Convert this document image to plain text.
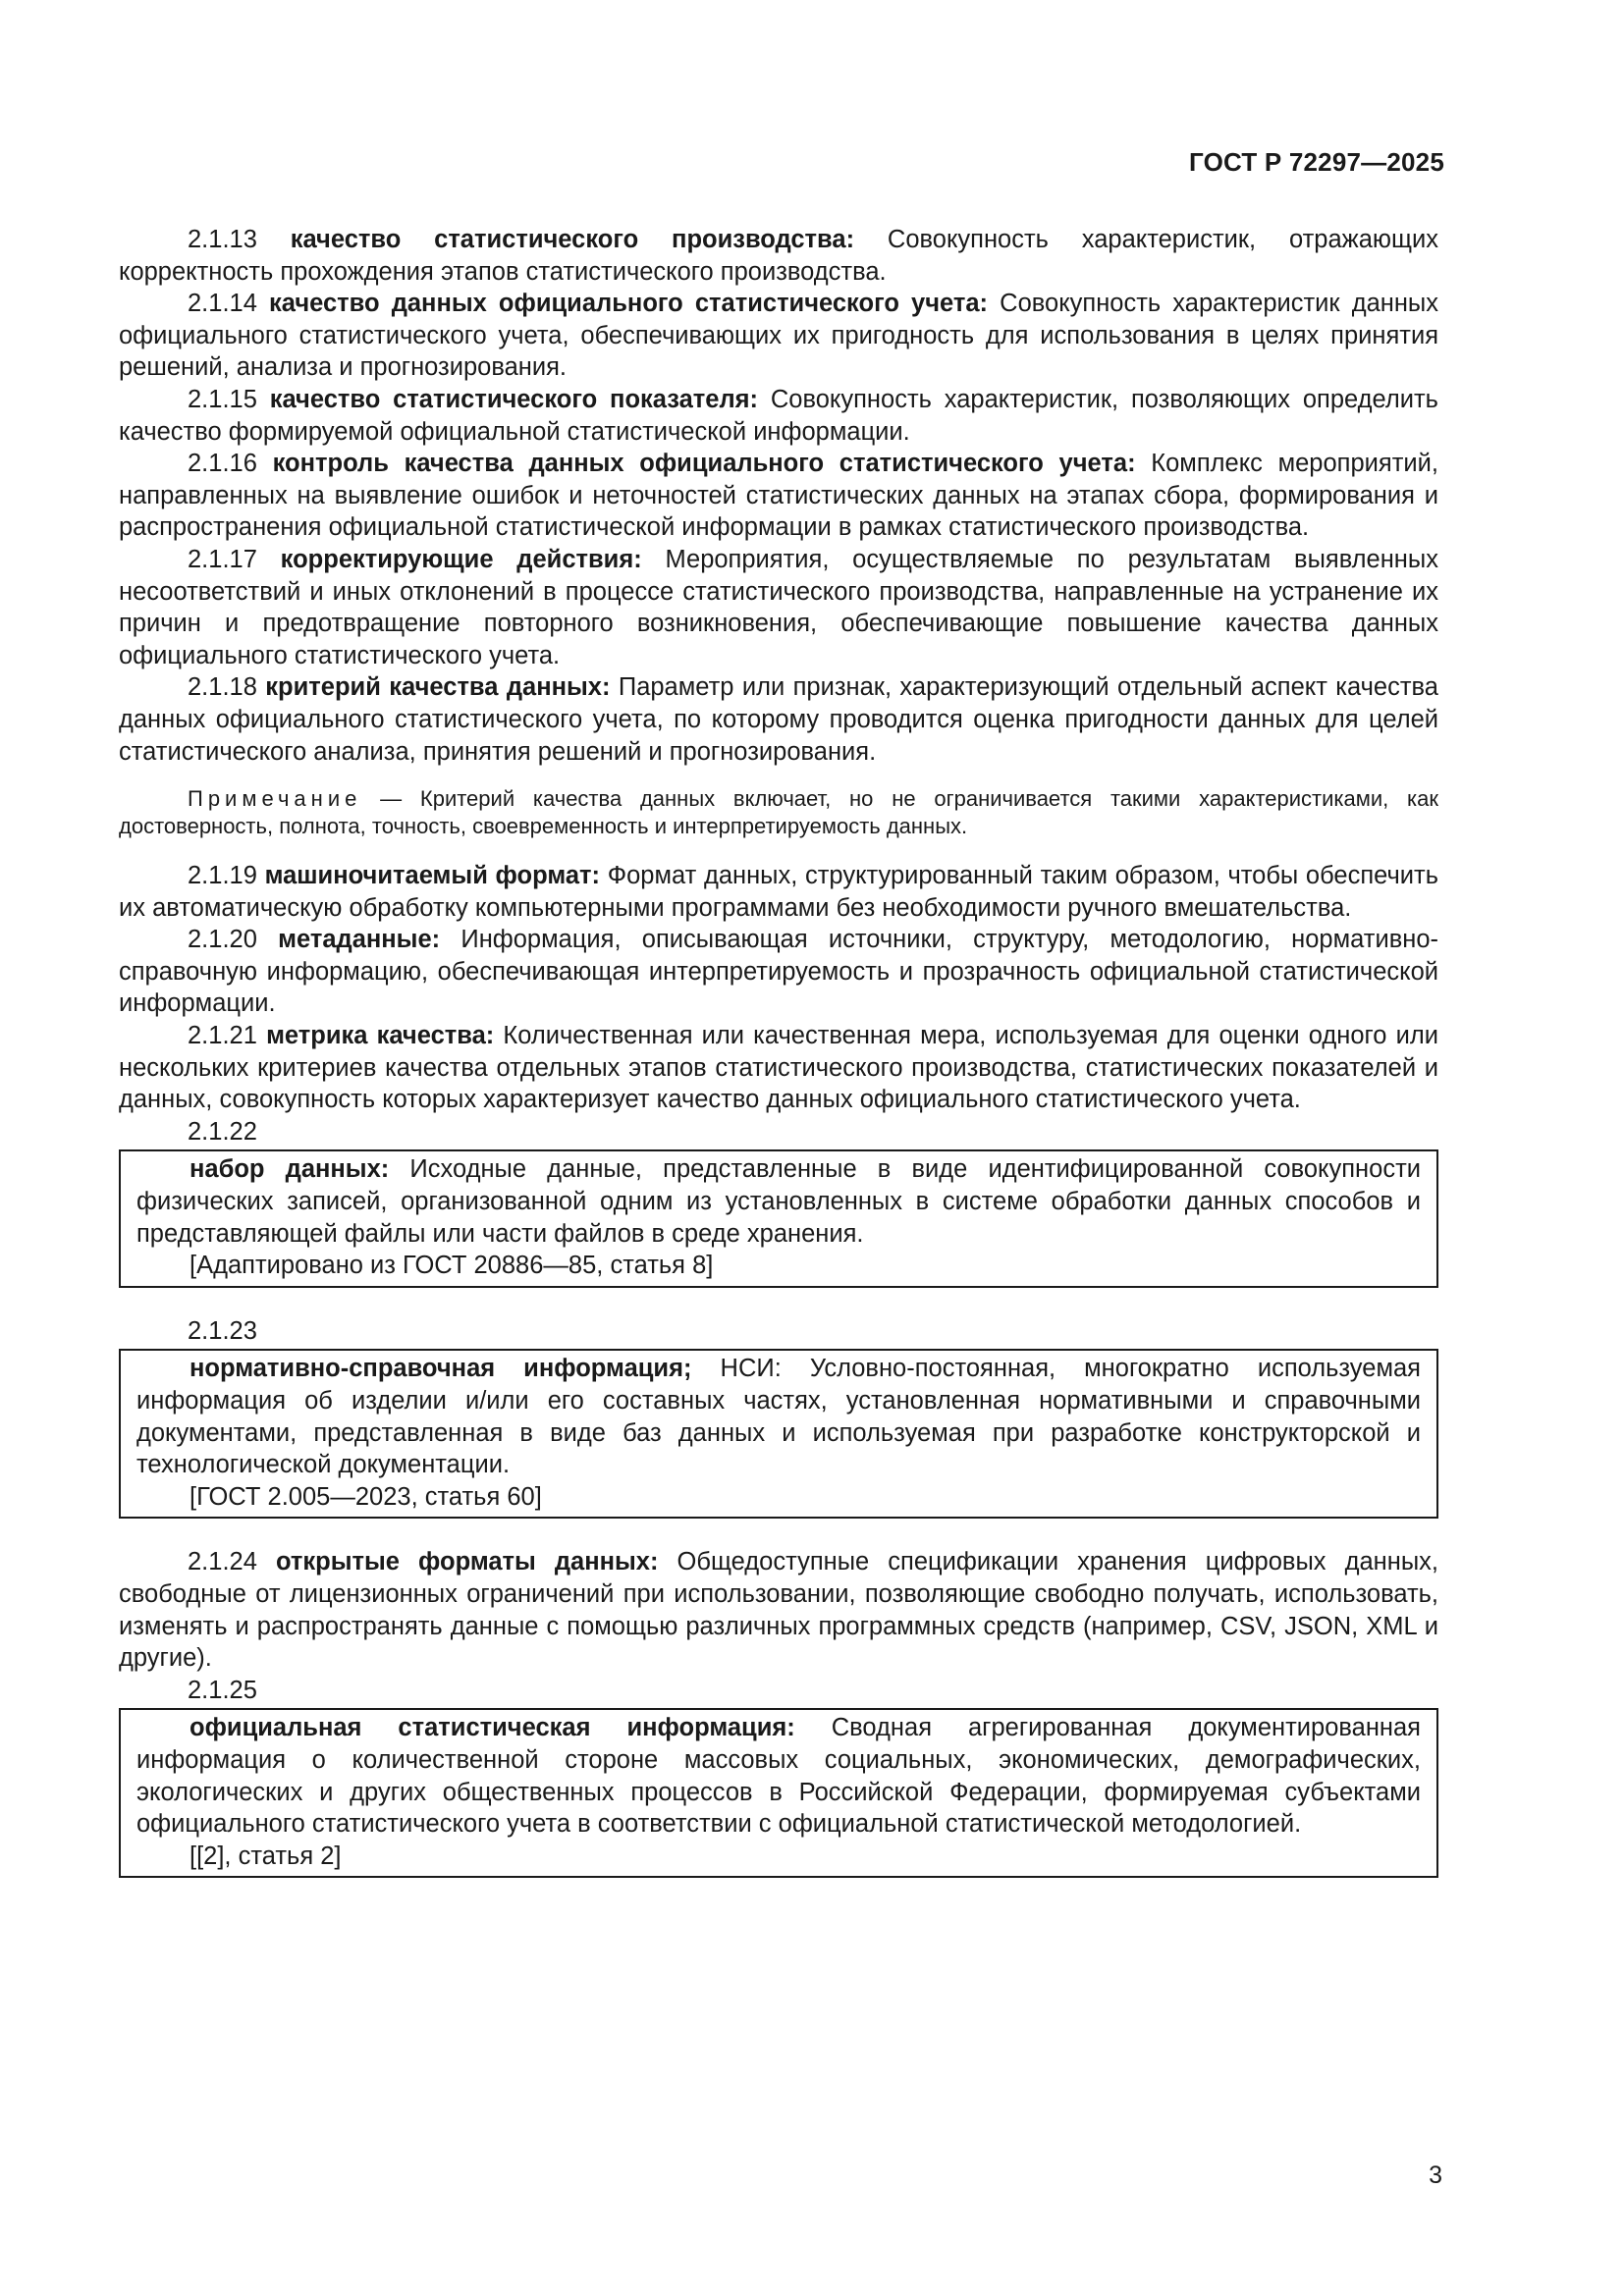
ГОСТ Р 72297—2025

2.1.13 качество статистического производства: Совокупность характеристик, отражающих корректность прохождения этапов статистического производства.

2.1.14 качество данных официального статистического учета: Совокупность характеристик данных официального статистического учета, обеспечивающих их пригодность для использования в целях принятия решений, анализа и прогнозирования.

2.1.15 качество статистического показателя: Совокупность характеристик, позволяющих определить качество формируемой официальной статистической информации.

2.1.16 контроль качества данных официального статистического учета: Комплекс мероприятий, направленных на выявление ошибок и неточностей статистических данных на этапах сбора, формирования и распространения официальной статистической информации в рамках статистического производства.

2.1.17 корректирующие действия: Мероприятия, осуществляемые по результатам выявленных несоответствий и иных отклонений в процессе статистического производства, направленные на устранение их причин и предотвращение повторного возникновения, обеспечивающие повышение качества данных официального статистического учета.

2.1.18 критерий качества данных: Параметр или признак, характеризующий отдельный аспект качества данных официального статистического учета, по которому проводится оценка пригодности данных для целей статистического анализа, принятия решений и прогнозирования.

Примечание — Критерий качества данных включает, но не ограничивается такими характеристиками, как достоверность, полнота, точность, своевременность и интерпретируемость данных.

2.1.19 машиночитаемый формат: Формат данных, структурированный таким образом, чтобы обеспечить их автоматическую обработку компьютерными программами без необходимости ручного вмешательства.

2.1.20 метаданные: Информация, описывающая источники, структуру, методологию, нормативно-справочную информацию, обеспечивающая интерпретируемость и прозрачность официальной статистической информации.

2.1.21 метрика качества: Количественная или качественная мера, используемая для оценки одного или нескольких критериев качества отдельных этапов статистического производства, статистических показателей и данных, совокупность которых характеризует качество данных официального статистического учета.

2.1.22

набор данных: Исходные данные, представленные в виде идентифицированной совокупности физических записей, организованной одним из установленных в системе обработки данных способов и представляющей файлы или части файлов в среде хранения.

[Адаптировано из ГОСТ 20886—85, статья 8]

2.1.23

нормативно-справочная информация; НСИ: Условно-постоянная, многократно используемая информация об изделии и/или его составных частях, установленная нормативными и справочными документами, представленная в виде баз данных и используемая при разработке конструкторской и технологической документации.

[ГОСТ 2.005—2023, статья 60]

2.1.24 открытые форматы данных: Общедоступные спецификации хранения цифровых данных, свободные от лицензионных ограничений при использовании, позволяющие свободно получать, использовать, изменять и распространять данные с помощью различных программных средств (например, CSV, JSON, XML и другие).

2.1.25

официальная статистическая информация: Сводная агрегированная документированная информация о количественной стороне массовых социальных, экономических, демографических, экологических и других общественных процессов в Российской Федерации, формируемая субъектами официального статистического учета в соответствии с официальной статистической методологией.

[[2], статья 2]

3
